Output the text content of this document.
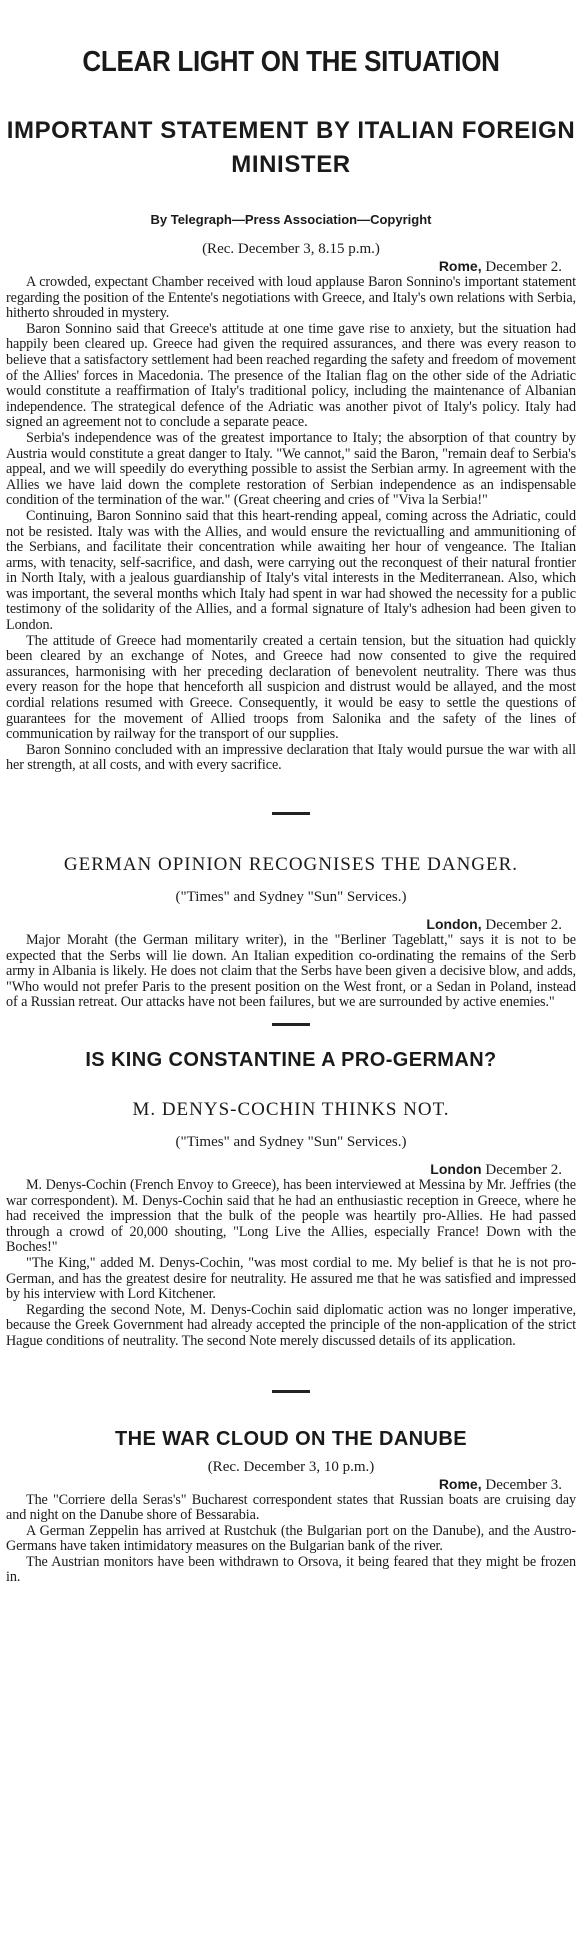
CLEAR LIGHT ON THE SITUATION
IMPORTANT STATEMENT BY ITALIAN FOREIGN MINISTER
By Telegraph—Press Association—Copyright
(Rec. December 3, 8.15 p.m.)
Rome, December 2.

A crowded, expectant Chamber received with loud applause Baron Sonnino's important statement regarding the position of the Entente's negotiations with Greece, and Italy's own relations with Serbia, hitherto shrouded in mystery.

Baron Sonnino said that Greece's attitude at one time gave rise to anxiety, but the situation had happily been cleared up. Greece had given the required assurances, and there was every reason to believe that a satisfactory settlement had been reached regarding the safety and freedom of movement of the Allies' forces in Macedonia. The presence of the Italian flag on the other side of the Adriatic would constitute a reaffirmation of Italy's traditional policy, including the maintenance of Albanian independence. The strategical defence of the Adriatic was another pivot of Italy's policy. Italy had signed an agreement not to conclude a separate peace.

Serbia's independence was of the greatest importance to Italy; the absorption of that country by Austria would constitute a great danger to Italy. "We cannot," said the Baron, "remain deaf to Serbia's appeal, and we will speedily do everything possible to assist the Serbian army. In agreement with the Allies we have laid down the complete restoration of Serbian independence as an indispensable condition of the termination of the war." (Great cheering and cries of "Viva la Serbia!"

Continuing, Baron Sonnino said that this heart-rending appeal, coming across the Adriatic, could not be resisted. Italy was with the Allies, and would ensure the revictualling and ammunitioning of the Serbians, and facilitate their concentration while awaiting her hour of vengeance. The Italian arms, with tenacity, self-sacrifice, and dash, were carrying out the reconquest of their natural frontier in North Italy, with a jealous guardianship of Italy's vital interests in the Mediterranean. Also, which was important, the several months which Italy had spent in war had showed the necessity for a public testimony of the solidarity of the Allies, and a formal signature of Italy's adhesion had been given to London.

The attitude of Greece had momentarily created a certain tension, but the situation had quickly been cleared by an exchange of Notes, and Greece had now consented to give the required assurances, harmonising with her preceding declaration of benevolent neutrality. There was thus every reason for the hope that henceforth all suspicion and distrust would be allayed, and the most cordial relations resumed with Greece. Consequently, it would be easy to settle the questions of guarantees for the movement of Allied troops from Salonika and the safety of the lines of communication by railway for the transport of our supplies.

Baron Sonnino concluded with an impressive declaration that Italy would pursue the war with all her strength, at all costs, and with every sacrifice.

GERMAN OPINION RECOGNISES THE DANGER.
("Times" and Sydney "Sun" Services.)
London, December 2.

Major Moraht (the German military writer), in the "Berliner Tageblatt," says it is not to be expected that the Serbs will lie down. An Italian expedition co-ordinating the remains of the Serb army in Albania is likely. He does not claim that the Serbs have been given a decisive blow, and adds, "Who would not prefer Paris to the present position on the West front, or a Sedan in Poland, instead of a Russian retreat. Our attacks have not been failures, but we are surrounded by active enemies."

IS KING CONSTANTINE A PRO-GERMAN?
M. DENYS-COCHIN THINKS NOT.
("Times" and Sydney "Sun" Services.)
London December 2.

M. Denys-Cochin (French Envoy to Greece), has been interviewed at Messina by Mr. Jeffries (the war correspondent). M. Denys-Cochin said that he had an enthusiastic reception in Greece, where he had received the impression that the bulk of the people was heartily pro-Allies. He had passed through a crowd of 20,000 shouting, "Long Live the Allies, especially France! Down with the Boches!"

"The King," added M. Denys-Cochin, "was most cordial to me. My belief is that he is not pro-German, and has the greatest desire for neutrality. He assured me that he was satisfied and impressed by his interview with Lord Kitchener.

Regarding the second Note, M. Denys-Cochin said diplomatic action was no longer imperative, because the Greek Government had already accepted the principle of the non-application of the strict Hague conditions of neutrality. The second Note merely discussed details of its application.

THE WAR CLOUD ON THE DANUBE
(Rec. December 3, 10 p.m.)
Rome, December 3.

The "Corriere della Seras's" Bucharest correspondent states that Russian boats are cruising day and night on the Danube shore of Bessarabia.

A German Zeppelin has arrived at Rustchuk (the Bulgarian port on the Danube), and the Austro-Germans have taken intimidatory measures on the Bulgarian bank of the river.

The Austrian monitors have been withdrawn to Orsova, it being feared that they might be frozen in.
